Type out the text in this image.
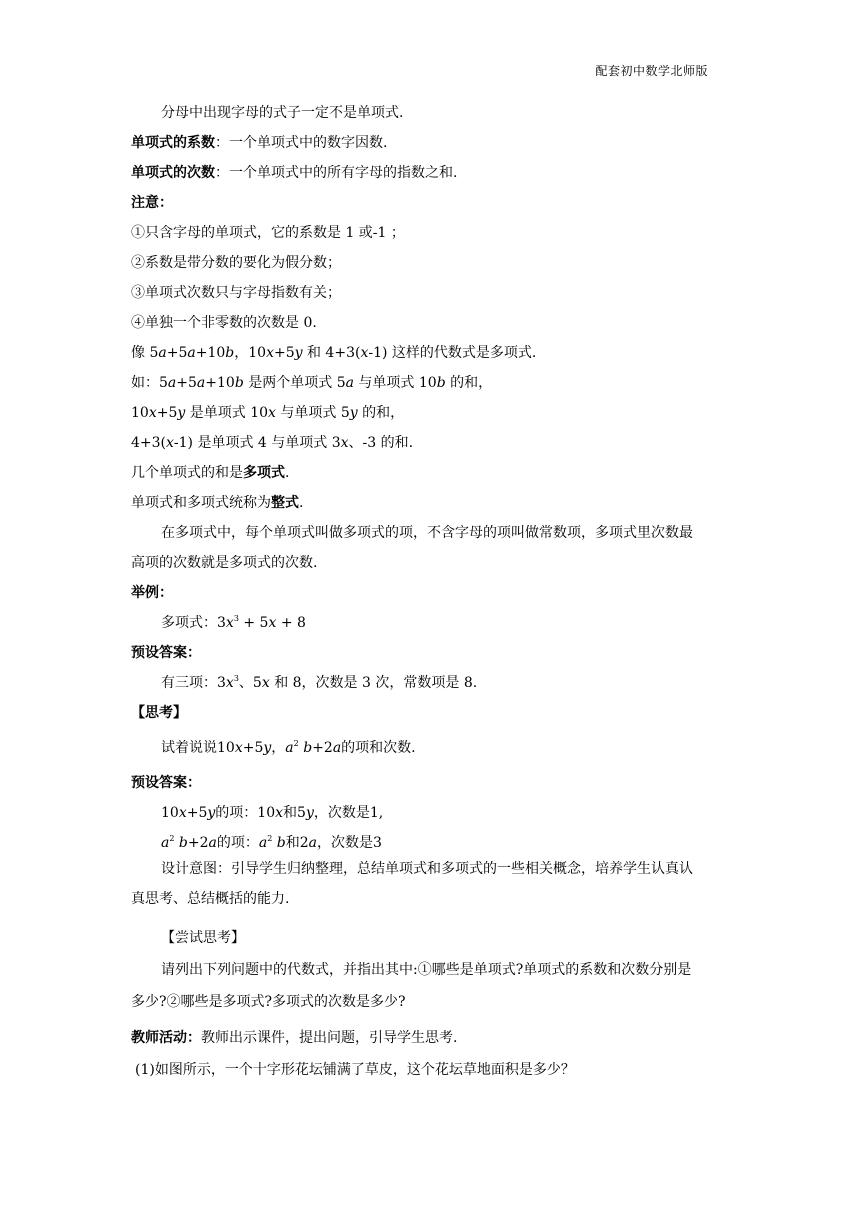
配套初中数学北师版
分母中出现字母的式子一定不是单项式.
单项式的系数：一个单项式中的数字因数.
单项式的次数：一个单项式中的所有字母的指数之和.
注意：
①只含字母的单项式，它的系数是 1 或-1 ；
②系数是带分数的要化为假分数；
③单项式次数只与字母指数有关；
④单独一个非零数的次数是 0.
像 5a+5a+10b，10x+5y 和 4+3(x-1) 这样的代数式是多项式.
如：5a+5a+10b 是两个单项式 5a 与单项式 10b 的和，
10x+5y 是单项式 10x 与单项式 5y 的和，
4+3(x-1) 是单项式 4 与单项式 3x、-3 的和.
几个单项式的和是多项式.
单项式和多项式统称为整式.
在多项式中，每个单项式叫做多项式的项，不含字母的项叫做常数项，多项式里次数最
高项的次数就是多项式的次数.
举例：
多项式：$3x^3 + 5x + 8$
预设答案：
有三项：$3x^3$、5x 和 8，次数是 3 次，常数项是 8.
【思考】
试着说说10x+5y，$a^2$ b+2a的项和次数.
预设答案：
10x+5y的项：10x和5y，次数是1,
$a^2$ b+2a的项：$a^2$ b和2a，次数是3
设计意图：引导学生归纳整理，总结单项式和多项式的一些相关概念，培养学生认真认
真思考、总结概括的能力.
【尝试思考】
请列出下列问题中的代数式，并指出其中:①哪些是单项式?单项式的系数和次数分别是
多少?②哪些是多项式?多项式的次数是多少?
教师活动：教师出示课件，提出问题，引导学生思考.
(1)如图所示，一个十字形花坛铺满了草皮，这个花坛草地面积是多少？
